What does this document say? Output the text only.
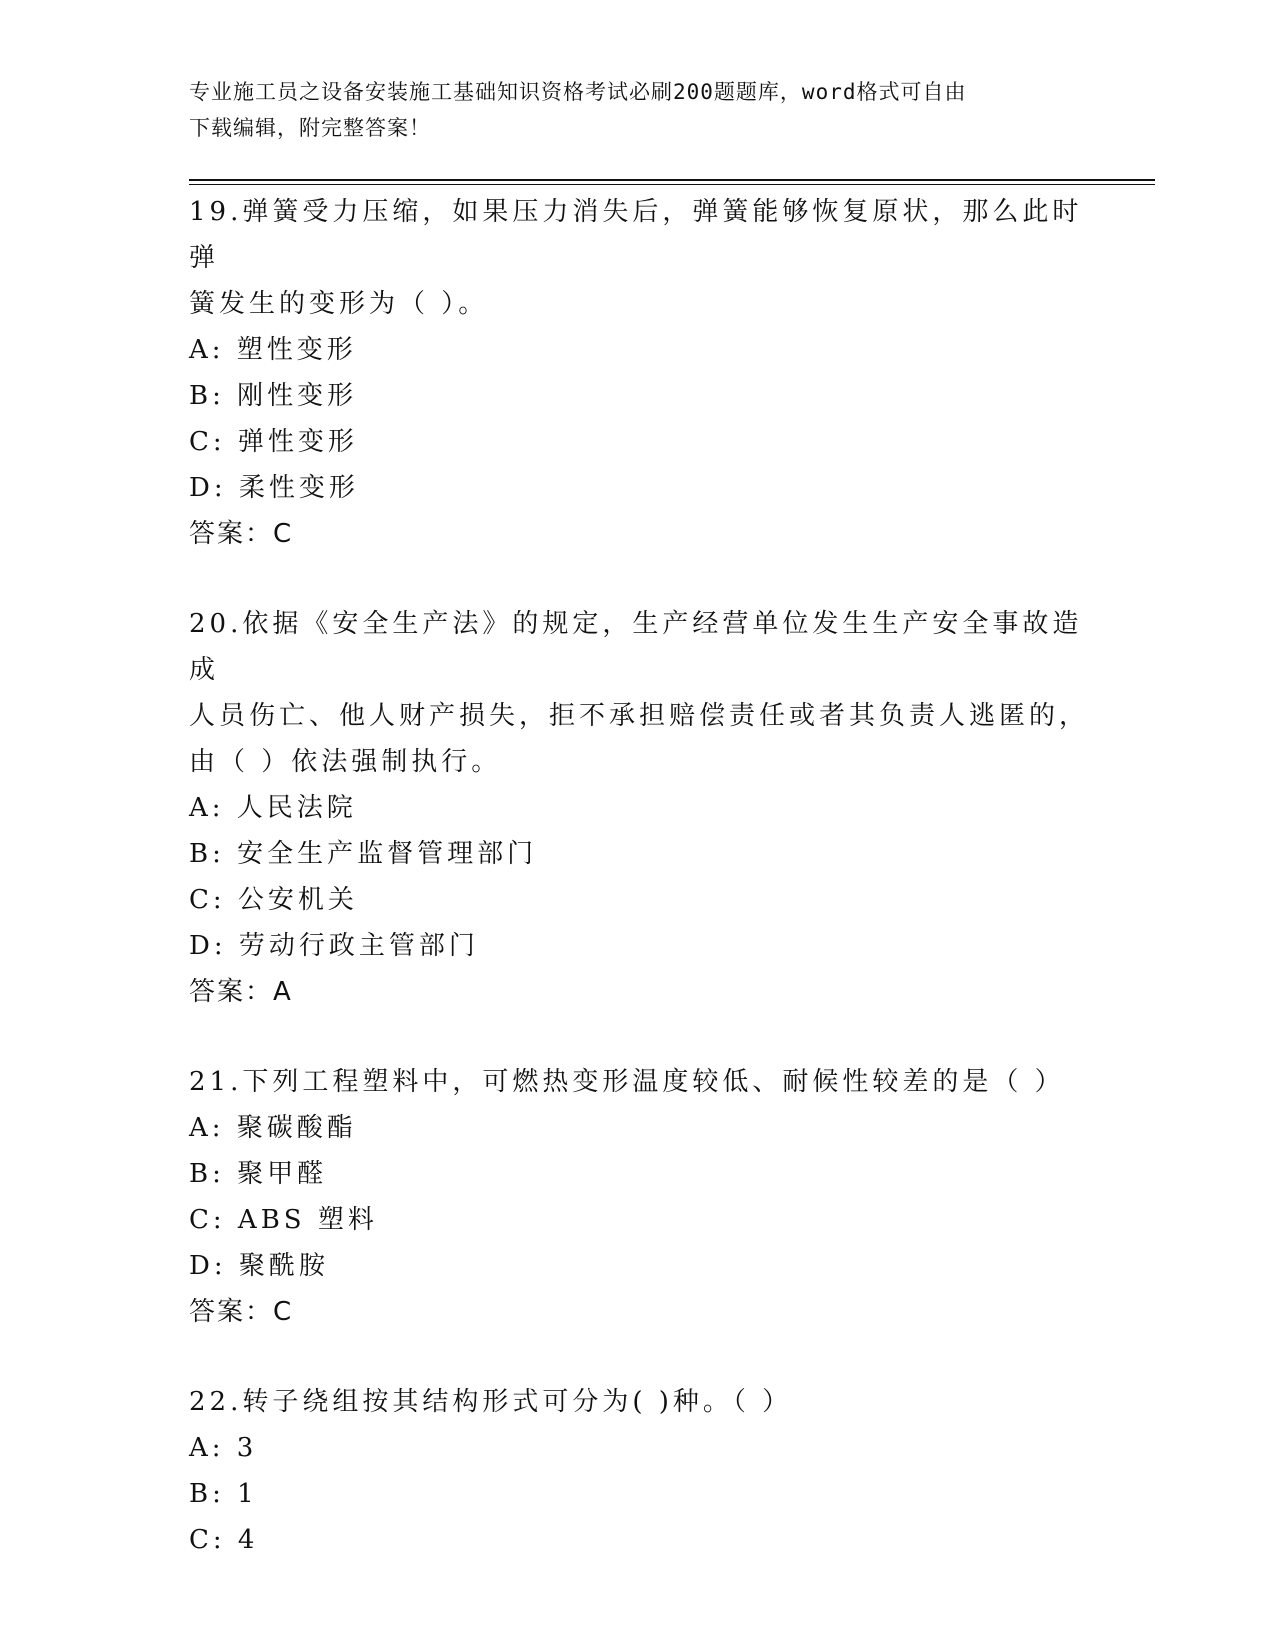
专业施工员之设备安装施工基础知识资格考试必刷200题题库，word格式可自由
下载编辑，附完整答案！
19.弹簧受力压缩，如果压力消失后，弹簧能够恢复原状，那么此时弹
簧发生的变形为（ ）。
A: 塑性变形
B: 刚性变形
C: 弹性变形
D: 柔性变形
答案：C
20.依据《安全生产法》的规定，生产经营单位发生生产安全事故造成
人员伤亡、他人财产损失，拒不承担赔偿责任或者其负责人逃匿的，
由（ ）依法强制执行。
A: 人民法院
B: 安全生产监督管理部门
C: 公安机关
D: 劳动行政主管部门
答案：A
21.下列工程塑料中，可燃热变形温度较低、耐候性较差的是（ ）
A: 聚碳酸酯
B: 聚甲醛
C: ABS 塑料
D: 聚酰胺
答案：C
22.转子绕组按其结构形式可分为( )种。（ ）
A: 3
B: 1
C: 4
